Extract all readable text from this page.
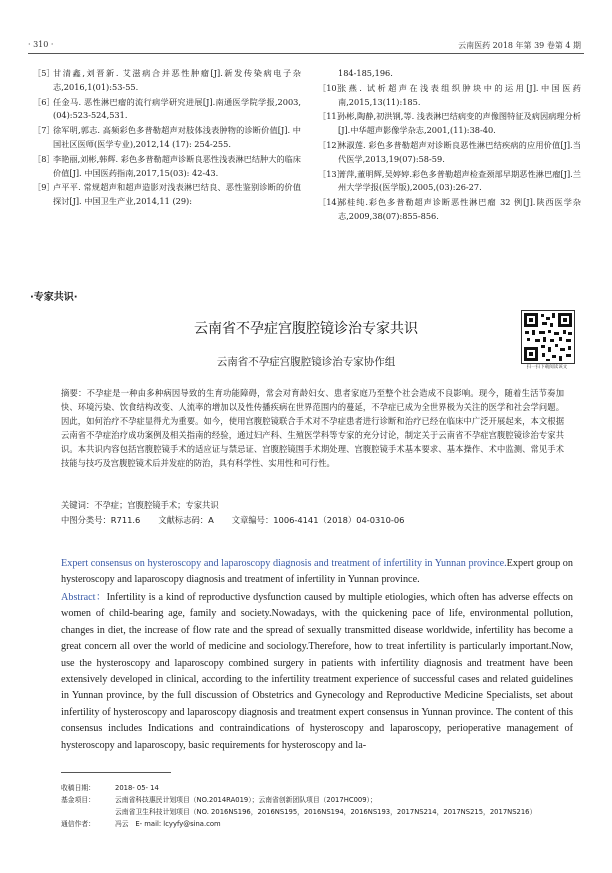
· 310 ·	云南医药 2018 年第 39 卷第 4 期
［5］
甘清鑫,刘晋新. 艾滋病合并恶性肿瘤[J].新发传染病电子杂志,2016,1(01):53-55.
［6］
任金马. 恶性淋巴瘤的流行病学研究进展[J].南通医学院学报,2003,(04):523-524,531.
［7］
徐军明,郭志. 高频彩色多普勒超声对肢体浅表肿物的诊断价值[J]. 中国社区医师(医学专业),2012,14 (17): 254-255.
［8］
李艳丽,刘彬,韩辉. 彩色多普勒超声诊断良恶性浅表淋巴结肿大的临床价值[J]. 中国医药指南,2017,15(03): 42-43.
［9］
卢平平. 常规超声和超声造影对浅表淋巴结良、恶性鉴别诊断的价值探讨[J]. 中国卫生产业,2014,11 (29):
184-185,196.
［10］
张燕. 试析超声在浅表组织肿块中的运用[J].中国医药南,2015,13(11):185.
［11］
孙彬,陶静,初洪钢,等. 浅表淋巴结病变的声像图特征及病因病理分析[J].中华超声影像学杂志,2001,(11):38-40.
［12］
林淑莲. 彩色多普勒超声对诊断良恶性淋巴结疾病的应用价值[J].当代医学,2013,19(07):58-59.
［13］
菁萍,董明辉,吴婷婷.彩色多普勒超声检查颈部早期恶性淋巴瘤[J].兰州大学学报(医学版),2005,(03):26-27.
［14］
郝桂纯.彩色多普勒超声诊断恶性淋巴瘤 32 例[J].陕西医学杂志,2009,38(07):855-856.
·专家共识·
云南省不孕症宫腹腔镜诊治专家共识
扫一扫下载阅读该文
云南省不孕症宫腹腔镜诊治专家协作组
摘要：不孕症是一种由多种病因导致的生育功能障碍，常会对育龄妇女、患者家庭乃至整个社会造成不良影响。现今，随着生活节奏加快、环境污染、饮食结构改变、人流率的增加以及性传播疾病在世界范围内的蔓延，不孕症已成为全世界极为关注的医学和社会学问题。因此，如何治疗不孕症显得尤为重要。如今，使用宫腹腔镜联合手术对不孕症患者进行诊断和治疗已经在临床中广泛开展起来，本文根据云南省不孕症治疗成功案例及相关指南的经验，通过妇产科、生殖医学科等专家的充分讨论，制定关于云南省不孕症宫腹腔镜诊治专家共识。本共识内容包括宫腹腔镜手术的适应证与禁忌证、宫腹腔镜围手术期处理、宫腹腔镜手术基本要求、基本操作、术中监测、常见手术技能与技巧及宫腹腔镜术后并发症的防治，具有科学性、实用性和可行性。
关键词：不孕症；宫腹腔镜手术；专家共识
中图分类号：R711.6 文献标志码：A 文章编号：1006-4141（2018）04-0310-06
Expert consensus on hysteroscopy and laparoscopy diagnosis and treatment of infertility in Yunnan province.Expert group on hysteroscopy and laparoscopy diagnosis and treatment of infertility in Yunnan province.
Abstract：Infertility is a kind of reproductive dysfunction caused by multiple etiologies, which often has adverse effects on women of child-bearing age, family and society.Nowadays, with the quickening pace of life, environmental pollution, changes in diet, the increase of flow rate and the spread of sexually transmitted disease worldwide, infertility has become a great concern all over the world of medicine and sociology.Therefore, how to treat infertility is particularly important.Now, use the hysteroscopy and laparoscopy combined surgery in patients with infertility diagnosis and treatment have been extensively developed in clinical, according to the infertility treatment experience of successful cases and related guidelines in Yunnan province, by the full discussion of Obstetrics and Gynecology and Reproductive Medicine Specialists, set about infertility of hysteroscopy and laparoscopy diagnosis and treatment expert consensus in Yunnan province. The content of this consensus includes Indications and contraindications of hysteroscopy and laparoscopy, perioperative management of hysteroscopy and laparoscopy, basic requirements for hysteroscopy and la-
收稿日期：	2018- 05- 14
基金项目：	云南省科技惠民计划项目（NO.2014RA019）；云南省创新团队项目（2017HC009）；
云南省卫生科技计划项目（NO. 2016NS196，2016NS195，2016NS194，2016NS193，2017NS214，2017NS215，2017NS216）
通信作者：	冯云　E- mail: lcyyfy@sina.com
